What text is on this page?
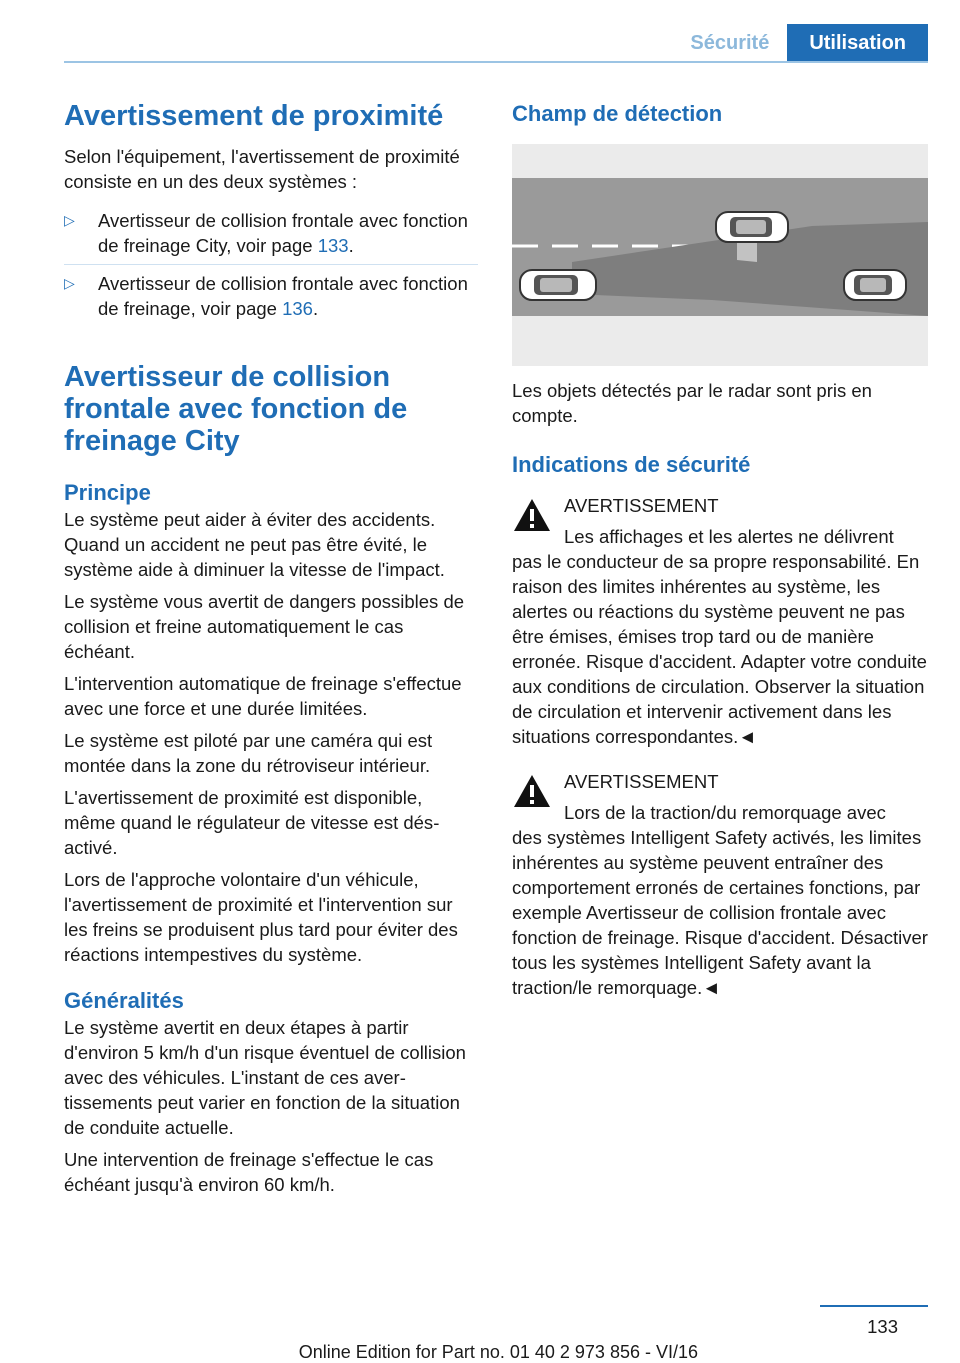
Sécurité	Utilisation
Avertissement de proximité

Selon l'équipement, l'avertissement de proximité consiste en un des deux systèmes :

▷	Avertisseur de collision frontale avec fonction de freinage City, voir page 133.
▷	Avertisseur de collision frontale avec fonction de freinage, voir page 136.
Avertisseur de collision frontale avec fonction de freinage City
Principe

Le système peut aider à éviter des accidents. Quand un accident ne peut pas être évité, le système aide à diminuer la vitesse de l'impact.

Le système vous avertit de dangers possibles de collision et freine automatiquement le cas échéant.

L'intervention automatique de freinage s'effectue avec une force et une durée limitées.

Le système est piloté par une caméra qui est montée dans la zone du rétroviseur intérieur.

L'avertissement de proximité est disponible, même quand le régulateur de vitesse est désactivé.

Lors de l'approche volontaire d'un véhicule, l'avertissement de proximité et l'intervention sur les freins se produisent plus tard pour éviter des réactions intempestives du système.

Généralités

Le système avertit en deux étapes à partir d'environ 5 km/h d'un risque éventuel de collision avec des véhicules. L'instant de ces avertissements peut varier en fonction de la situation de conduite actuelle.

Une intervention de freinage s'effectue le cas échéant jusqu'à environ 60 km/h.

Champ de détection

Les objets détectés par le radar sont pris en compte.

Indications de sécurité
AVERTISSEMENT

Les affichages et les alertes ne délivrent

pas le conducteur de sa propre responsabilité. En raison des limites inhérentes au système, les alertes ou réactions du système peuvent ne pas être émises, émises trop tard ou de manière erronée. Risque d'accident. Adapter votre conduite aux conditions de circulation. Observer la situation de circulation et intervenir activement dans les situations correspondantes.◄

AVERTISSEMENT

Lors de la traction/du remorquage avec

des systèmes Intelligent Safety activés, les limites inhérentes au système peuvent entraîner des comportement erronés de certaines fonctions, par exemple Avertisseur de collision frontale avec fonction de freinage. Risque d'accident. Désactiver tous les systèmes Intelligent Safety avant la traction/le remorquage.◄

133
Online Edition for Part no. 01 40 2 973 856 - VI/16
